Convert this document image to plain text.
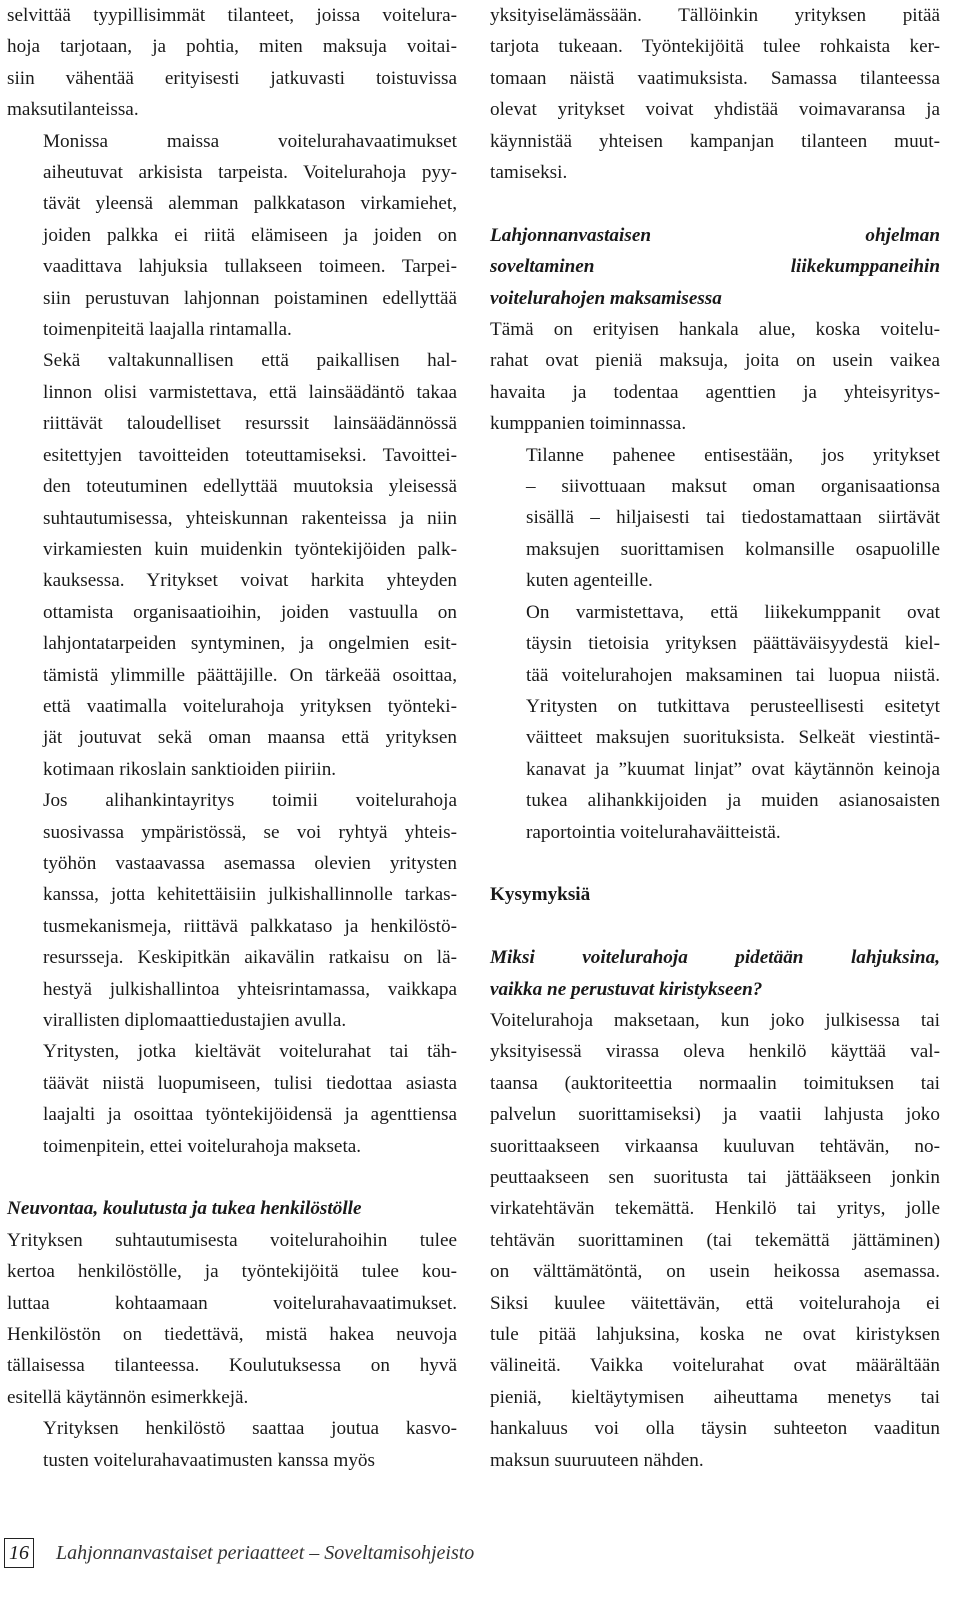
selvittää tyypillisimmät tilanteet, joissa voitelura-
hoja tarjotaan, ja pohtia, miten maksuja voitai-
siin vähentää erityisesti jatkuvasti toistuvissa
maksutilanteissa.

Monissa maissa voitelurahavaatimukset
aiheutuvat arkisista tarpeista. Voitelurahoja pyy-
tävät yleensä alemman palkkatason virkamiehet,
joiden palkka ei riitä elämiseen ja joiden on
vaadittava lahjuksia tullakseen toimeen. Tarpei-
siin perustuvan lahjonnan poistaminen edellyttää
toimenpiteitä laajalla rintamalla.

Sekä valtakunnallisen että paikallisen hal-
linnon olisi varmistettava, että lainsäädäntö takaa
riittävät taloudelliset resurssit lainsäädännössä
esitettyjen tavoitteiden toteuttamiseksi. Tavoittei-
den toteutuminen edellyttää muutoksia yleisessä
suhtautumisessa, yhteiskunnan rakenteissa ja niin
virkamiesten kuin muidenkin työntekijöiden palk-
kauksessa. Yritykset voivat harkita yhteyden
ottamista organisaatioihin, joiden vastuulla on
lahjontatarpeiden syntyminen, ja ongelmien esit-
tämistä ylimmille päättäjille. On tärkeää osoittaa,
että vaatimalla voitelurahoja yrityksen työnteki-
jät joutuvat sekä oman maansa että yrityksen
kotimaan rikoslain sanktioiden piiriin.

Jos alihankintayritys toimii voitelurahoja
suosivassa ympäristössä, se voi ryhtyä yhteis-
työhön vastaavassa asemassa olevien yritysten
kanssa, jotta kehitettäisiin julkishallinnolle tarkas-
tusmekanismeja, riittävä palkkataso ja henkilöstö-
resursseja. Keskipitkän aikavälin ratkaisu on lä-
hestyä julkishallintoa yhteisrintamassa, vaikkapa
virallisten diplomaattiedustajien avulla.

Yritysten, jotka kieltävät voitelurahat tai täh-
täävät niistä luopumiseen, tulisi tiedottaa asiasta
laajalti ja osoittaa työntekijöidensä ja agenttiensa
toimenpitein, ettei voitelurahoja makseta.

Neuvontaa, koulutusta ja tukea henkilöstölle

Yrityksen suhtautumisesta voitelurahoihin tulee
kertoa henkilöstölle, ja työntekijöitä tulee kou-
luttaa kohtaamaan voitelurahavaatimukset.
Henkilöstön on tiedettävä, mistä hakea neuvoja
tällaisessa tilanteessa. Koulutuksessa on hyvä
esitellä käytännön esimerkkejä.

Yrityksen henkilöstö saattaa joutua kasvo-
tusten voitelurahavaatimusten kanssa myös

yksityiselämässään. Tällöinkin yrityksen pitää
tarjota tukeaan. Työntekijöitä tulee rohkaista ker-
tomaan näistä vaatimuksista. Samassa tilanteessa
olevat yritykset voivat yhdistää voimavaransa ja
käynnistää yhteisen kampanjan tilanteen muut-
tamiseksi.

Lahjonnanvastaisen ohjelman
soveltaminen liikekumppaneihin
voitelurahojen maksamisessa

Tämä on erityisen hankala alue, koska voitelu-
rahat ovat pieniä maksuja, joita on usein vaikea
havaita ja todentaa agenttien ja yhteisyritys-
kumppanien toiminnassa.

Tilanne pahenee entisestään, jos yritykset
– siivottuaan maksut oman organisaationsa
sisällä – hiljaisesti tai tiedostamattaan siirtävät
maksujen suorittamisen kolmansille osapuolille
kuten agenteille.

On varmistettava, että liikekumppanit ovat
täysin tietoisia yrityksen päättäväisyydestä kiel-
tää voitelurahojen maksaminen tai luopua niistä.
Yritysten on tutkittava perusteellisesti esitetyt
väitteet maksujen suorituksista. Selkeät viestintä-
kanavat ja ”kuumat linjat” ovat käytännön keinoja
tukea alihankkijoiden ja muiden asianosaisten
raportointia voitelurahaväitteistä.

Kysymyksiä

Miksi voitelurahoja pidetään lahjuksina,
vaikka ne perustuvat kiristykseen?

Voitelurahoja maksetaan, kun joko julkisessa tai
yksityisessä virassa oleva henkilö käyttää val-
taansa (auktoriteettia normaalin toimituksen tai
palvelun suorittamiseksi) ja vaatii lahjusta joko
suorittaakseen virkaansa kuuluvan tehtävän, no-
peuttaakseen sen suoritusta tai jättääkseen jonkin
virkatehtävän tekemättä. Henkilö tai yritys, jolle
tehtävän suorittaminen (tai tekemättä jättäminen)
on välttämätöntä, on usein heikossa asemassa.
Siksi kuulee väitettävän, että voitelurahoja ei
tule pitää lahjuksina, koska ne ovat kiristyksen
välineitä. Vaikka voitelurahat ovat määrältään
pieniä, kieltäytymisen aiheuttama menetys tai
hankaluus voi olla täysin suhteeton vaaditun
maksun suuruuteen nähden.

16 Lahjonnanvastaiset periaatteet – Soveltamisohjeisto
